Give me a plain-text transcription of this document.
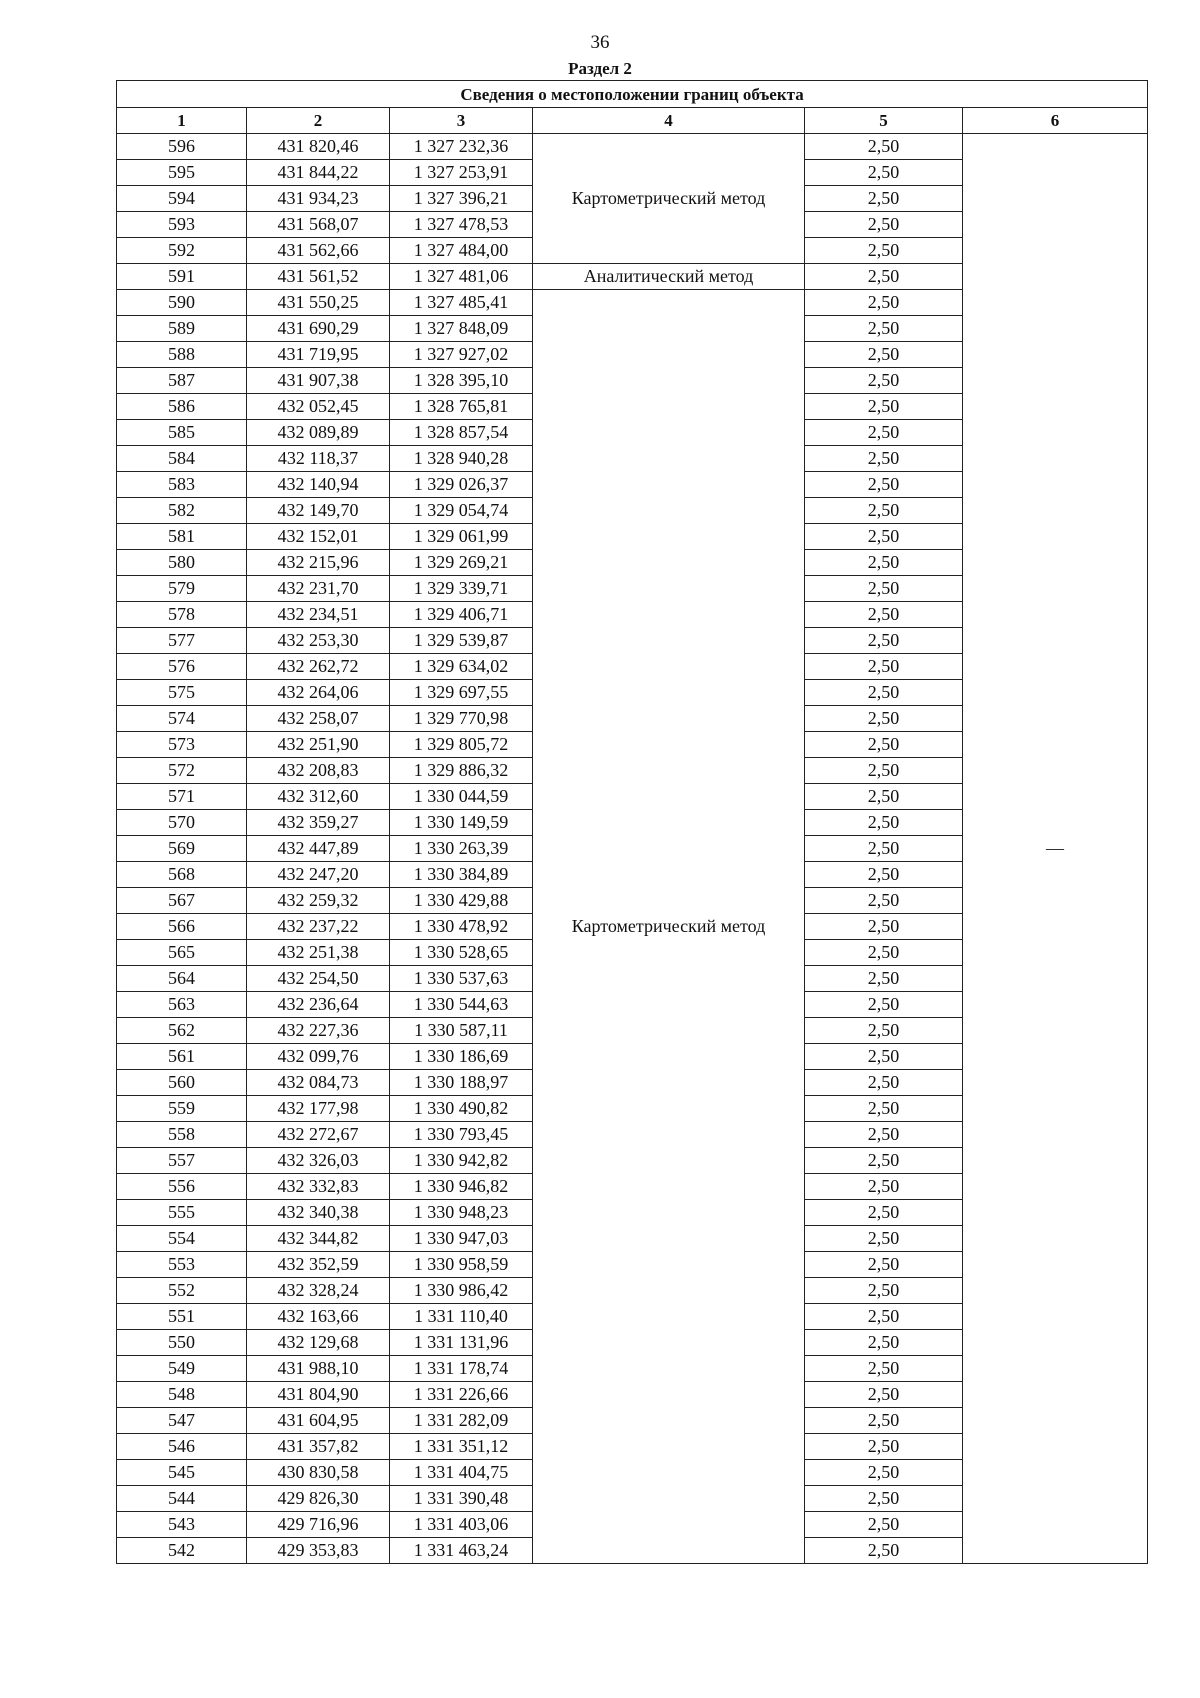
36
Раздел 2
Сведения о местоположении границ объекта					
1	2	3	4	5	6
596	431 820,46	1 327 232,36	Картометрический метод	2,50	—
595	431 844,22	1 327 253,91		2,50	
594	431 934,23	1 327 396,21		2,50	
593	431 568,07	1 327 478,53		2,50	
592	431 562,66	1 327 484,00		2,50	
591	431 561,52	1 327 481,06	Аналитический метод	2,50	
590	431 550,25	1 327 485,41	Картометрический метод	2,50	
589	431 690,29	1 327 848,09		2,50	
588	431 719,95	1 327 927,02		2,50	
587	431 907,38	1 328 395,10		2,50	
586	432 052,45	1 328 765,81		2,50	
585	432 089,89	1 328 857,54		2,50	
584	432 118,37	1 328 940,28		2,50	
583	432 140,94	1 329 026,37		2,50	
582	432 149,70	1 329 054,74		2,50	
581	432 152,01	1 329 061,99		2,50	
580	432 215,96	1 329 269,21		2,50	
579	432 231,70	1 329 339,71		2,50	
578	432 234,51	1 329 406,71		2,50	
577	432 253,30	1 329 539,87		2,50	
576	432 262,72	1 329 634,02		2,50	
575	432 264,06	1 329 697,55		2,50	
574	432 258,07	1 329 770,98		2,50	
573	432 251,90	1 329 805,72		2,50	
572	432 208,83	1 329 886,32		2,50	
571	432 312,60	1 330 044,59		2,50	
570	432 359,27	1 330 149,59		2,50	
569	432 447,89	1 330 263,39		2,50	
568	432 247,20	1 330 384,89		2,50	
567	432 259,32	1 330 429,88		2,50	
566	432 237,22	1 330 478,92		2,50	
565	432 251,38	1 330 528,65		2,50	
564	432 254,50	1 330 537,63		2,50	
563	432 236,64	1 330 544,63		2,50	
562	432 227,36	1 330 587,11		2,50	
561	432 099,76	1 330 186,69		2,50	
560	432 084,73	1 330 188,97		2,50	
559	432 177,98	1 330 490,82		2,50	
558	432 272,67	1 330 793,45		2,50	
557	432 326,03	1 330 942,82		2,50	
556	432 332,83	1 330 946,82		2,50	
555	432 340,38	1 330 948,23		2,50	
554	432 344,82	1 330 947,03		2,50	
553	432 352,59	1 330 958,59		2,50	
552	432 328,24	1 330 986,42		2,50	
551	432 163,66	1 331 110,40		2,50	
550	432 129,68	1 331 131,96		2,50	
549	431 988,10	1 331 178,74		2,50	
548	431 804,90	1 331 226,66		2,50	
547	431 604,95	1 331 282,09		2,50	
546	431 357,82	1 331 351,12		2,50	
545	430 830,58	1 331 404,75		2,50	
544	429 826,30	1 331 390,48		2,50	
543	429 716,96	1 331 403,06		2,50	
542	429 353,83	1 331 463,24		2,50	
